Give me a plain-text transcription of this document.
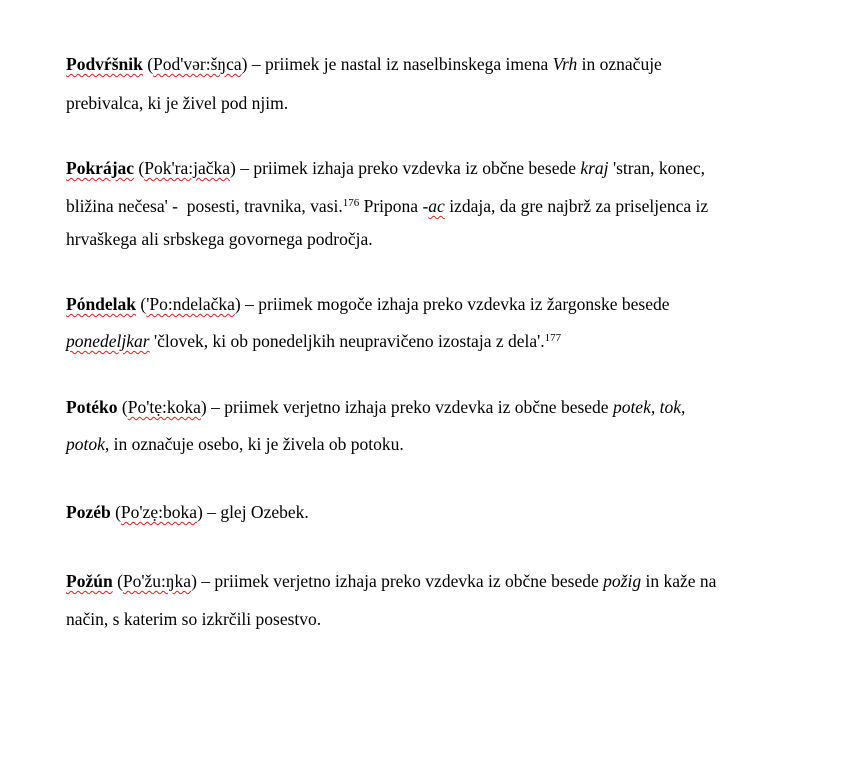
Podvŕšnik (Pod'vər:šŋca) – priimek je nastal iz naselbinskega imena Vrh in označuje
prebivalca, ki je živel pod njim.
Pokrájac (Pok'ra:jačka) – priimek izhaja preko vzdevka iz občne besede kraj 'stran, konec,
bližina nečesa' -  posesti, travnika, vasi.$^{176}$ Pripona -ac izdaja, da gre najbrž za priseljenca iz
hrvaškega ali srbskega govornega področja.
Póndelak ('Po:ndelačka) – priimek mogoče izhaja preko vzdevka iz žargonske besede
ponedeljkar 'človek, ki ob ponedeljkih neupravičeno izostaja z dela'.$^{177}$
Potéko (Po'tẹ:koka) – priimek verjetno izhaja preko vzdevka iz občne besede potek, tok,
potok, in označuje osebo, ki je živela ob potoku.
Pozéb (Po'zẹ:boka) – glej Ozebek.
Požún (Po'žu:ŋka) – priimek verjetno izhaja preko vzdevka iz občne besede požig in kaže na
način, s katerim so izkrčili posestvo.
